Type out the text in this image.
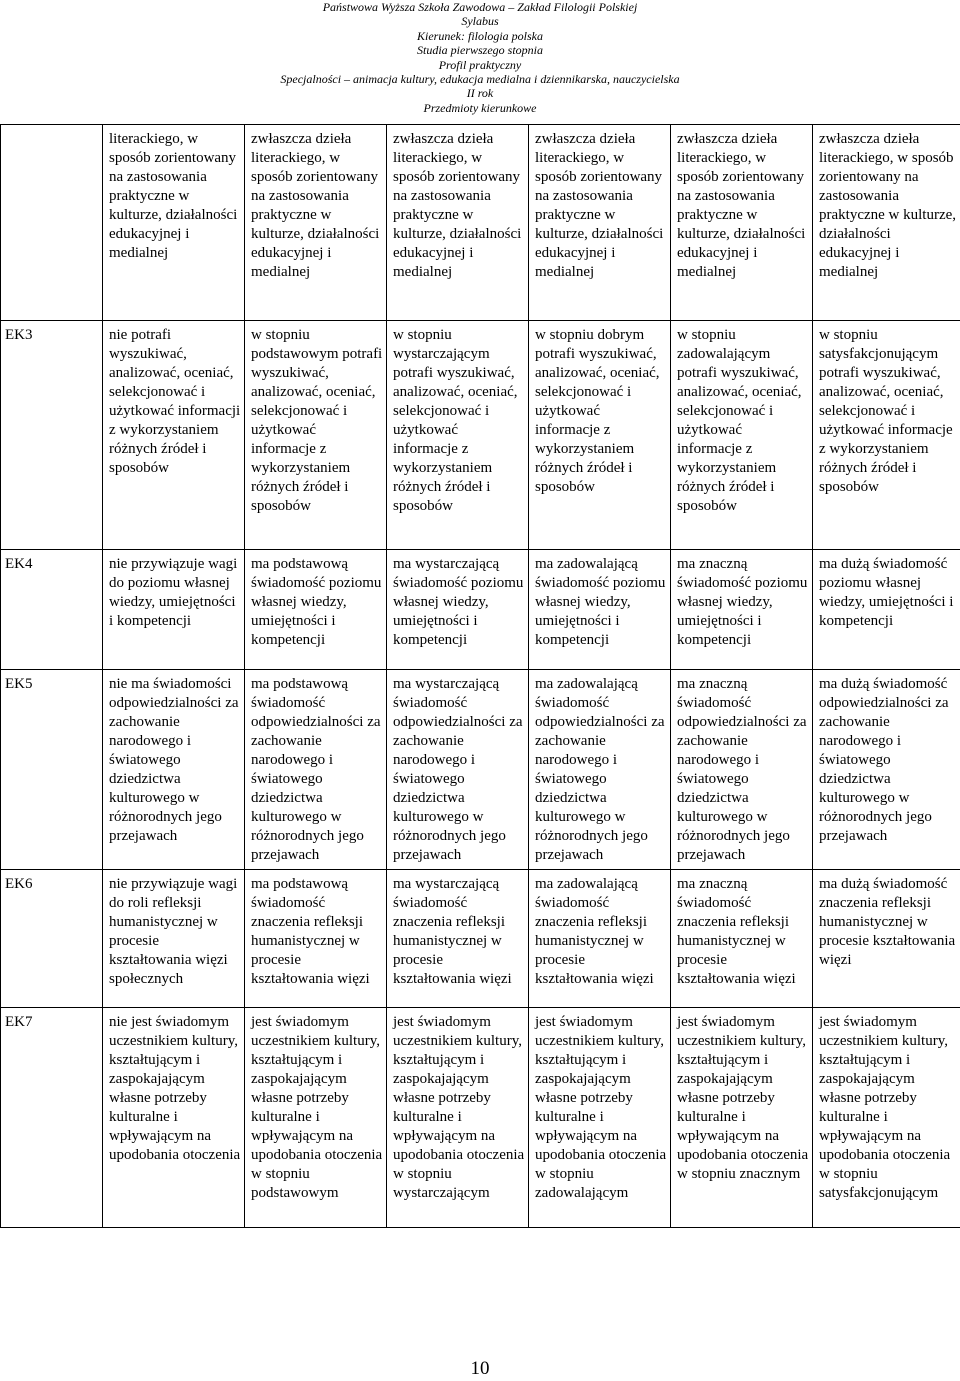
Państwowa Wyższa Szkoła Zawodowa – Zakład Filologii Polskiej
Sylabus
Kierunek: filologia polska
Studia pierwszego stopnia
Profil praktyczny
Specjalności – animacja kultury, edukacja medialna i dziennikarska, nauczycielska
II rok
Przedmioty kierunkowe

	literackiego, w sposób zorientowany na zastosowania praktyczne w kulturze, działalności edukacyjnej i medialnej	zwłaszcza dzieła literackiego, w sposób zorientowany na zastosowania praktyczne w kulturze, działalności edukacyjnej i medialnej	zwłaszcza dzieła literackiego, w sposób zorientowany na zastosowania praktyczne w kulturze, działalności edukacyjnej i medialnej	zwłaszcza dzieła literackiego, w sposób zorientowany na zastosowania praktyczne w kulturze, działalności edukacyjnej i medialnej	zwłaszcza dzieła literackiego, w sposób zorientowany na zastosowania praktyczne w kulturze, działalności edukacyjnej i medialnej	zwłaszcza dzieła literackiego, w sposób zorientowany na zastosowania praktyczne w kulturze, działalności edukacyjnej i medialnej

EK3	nie potrafi wyszukiwać, analizować, oceniać, selekcjonować i użytkować informacji z wykorzystaniem różnych źródeł i sposobów	w stopniu podstawowym potrafi wyszukiwać, analizować, oceniać, selekcjonować i użytkować informacje z wykorzystaniem różnych źródeł i sposobów	w stopniu wystarczającym potrafi wyszukiwać, analizować, oceniać, selekcjonować i użytkować informacje z wykorzystaniem różnych źródeł i sposobów	w stopniu dobrym potrafi wyszukiwać, analizować, oceniać, selekcjonować i użytkować informacje z wykorzystaniem różnych źródeł i sposobów	w stopniu zadowalającym potrafi wyszukiwać, analizować, oceniać, selekcjonować i użytkować informacje z wykorzystaniem różnych źródeł i sposobów	w stopniu satysfakcjonującym potrafi wyszukiwać, analizować, oceniać, selekcjonować i użytkować informacje z wykorzystaniem różnych źródeł i sposobów

EK4	nie przywiązuje wagi do poziomu własnej wiedzy, umiejętności i kompetencji	ma podstawową świadomość poziomu własnej wiedzy, umiejętności i kompetencji	ma wystarczającą świadomość poziomu własnej wiedzy, umiejętności i kompetencji	ma zadowalającą świadomość poziomu własnej wiedzy, umiejętności i kompetencji	ma znaczną świadomość poziomu własnej wiedzy, umiejętności i kompetencji	ma dużą świadomość poziomu własnej wiedzy, umiejętności i kompetencji

EK5	nie ma świadomości odpowiedzialności za zachowanie narodowego i światowego dziedzictwa kulturowego w różnorodnych jego przejawach	ma podstawową świadomość odpowiedzialności za zachowanie narodowego i światowego dziedzictwa kulturowego w różnorodnych jego przejawach	ma wystarczającą świadomość odpowiedzialności za zachowanie narodowego i światowego dziedzictwa kulturowego w różnorodnych jego przejawach	ma zadowalającą świadomość odpowiedzialności za zachowanie narodowego i światowego dziedzictwa kulturowego w różnorodnych jego przejawach	ma znaczną świadomość odpowiedzialności za zachowanie narodowego i światowego dziedzictwa kulturowego w różnorodnych jego przejawach	ma dużą świadomość odpowiedzialności za zachowanie narodowego i światowego dziedzictwa kulturowego w różnorodnych jego przejawach

EK6	nie przywiązuje wagi do roli refleksji humanistycznej w procesie kształtowania więzi społecznych	ma podstawową świadomość znaczenia refleksji humanistycznej w procesie kształtowania więzi	ma wystarczającą świadomość znaczenia refleksji humanistycznej w procesie kształtowania więzi	ma zadowalającą świadomość znaczenia refleksji humanistycznej w procesie kształtowania więzi	ma znaczną świadomość znaczenia refleksji humanistycznej w procesie kształtowania więzi	ma dużą świadomość znaczenia refleksji humanistycznej w procesie kształtowania więzi

EK7	nie jest świadomym uczestnikiem kultury, kształtującym i zaspokajającym własne potrzeby kulturalne i wpływającym na upodobania otoczenia	jest świadomym uczestnikiem kultury, kształtującym i zaspokajającym własne potrzeby kulturalne i wpływającym na upodobania otoczenia w stopniu podstawowym	jest świadomym uczestnikiem kultury, kształtującym i zaspokajającym własne potrzeby kulturalne i wpływającym na upodobania otoczenia w stopniu wystarczającym	jest świadomym uczestnikiem kultury, kształtującym i zaspokajającym własne potrzeby kulturalne i wpływającym na upodobania otoczenia w stopniu zadowalającym	jest świadomym uczestnikiem kultury, kształtującym i zaspokajającym własne potrzeby kulturalne i wpływającym na upodobania otoczenia w stopniu znacznym	jest świadomym uczestnikiem kultury, kształtującym i zaspokajającym własne potrzeby kulturalne i wpływającym na upodobania otoczenia w stopniu satysfakcjonującym
10
